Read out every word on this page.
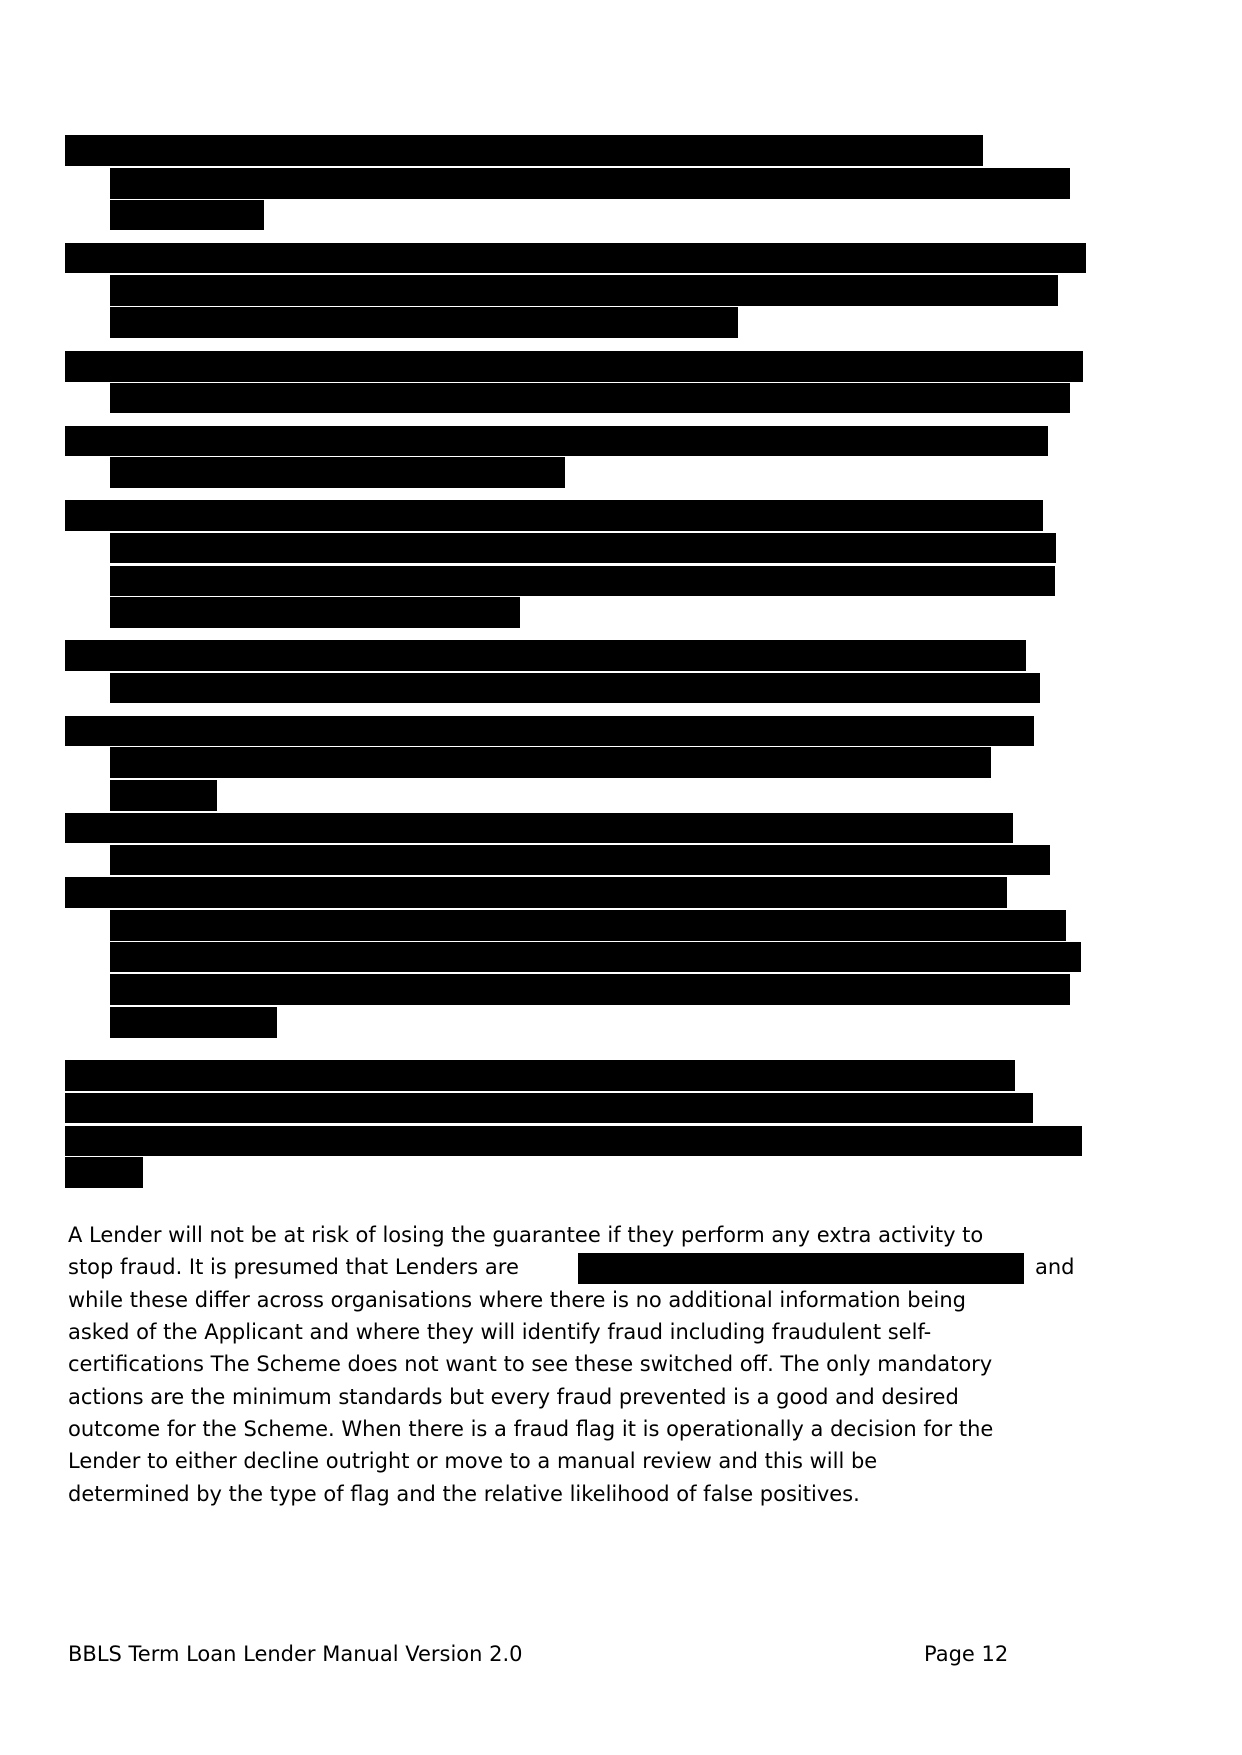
A Lender will not be at risk of losing the guarantee if they perform any extra activity to
stop fraud. It is presumed that Lenders are	and
while these differ across organisations where there is no additional information being
asked of the Applicant and where they will identify fraud including fraudulent self-
certifications The Scheme does not want to see these switched off. The only mandatory
actions are the minimum standards but every fraud prevented is a good and desired
outcome for the Scheme. When there is a fraud flag it is operationally a decision for the
Lender to either decline outright or move to a manual review and this will be
determined by the type of flag and the relative likelihood of false positives.
BBLS Term Loan Lender Manual Version 2.0	Page 12
